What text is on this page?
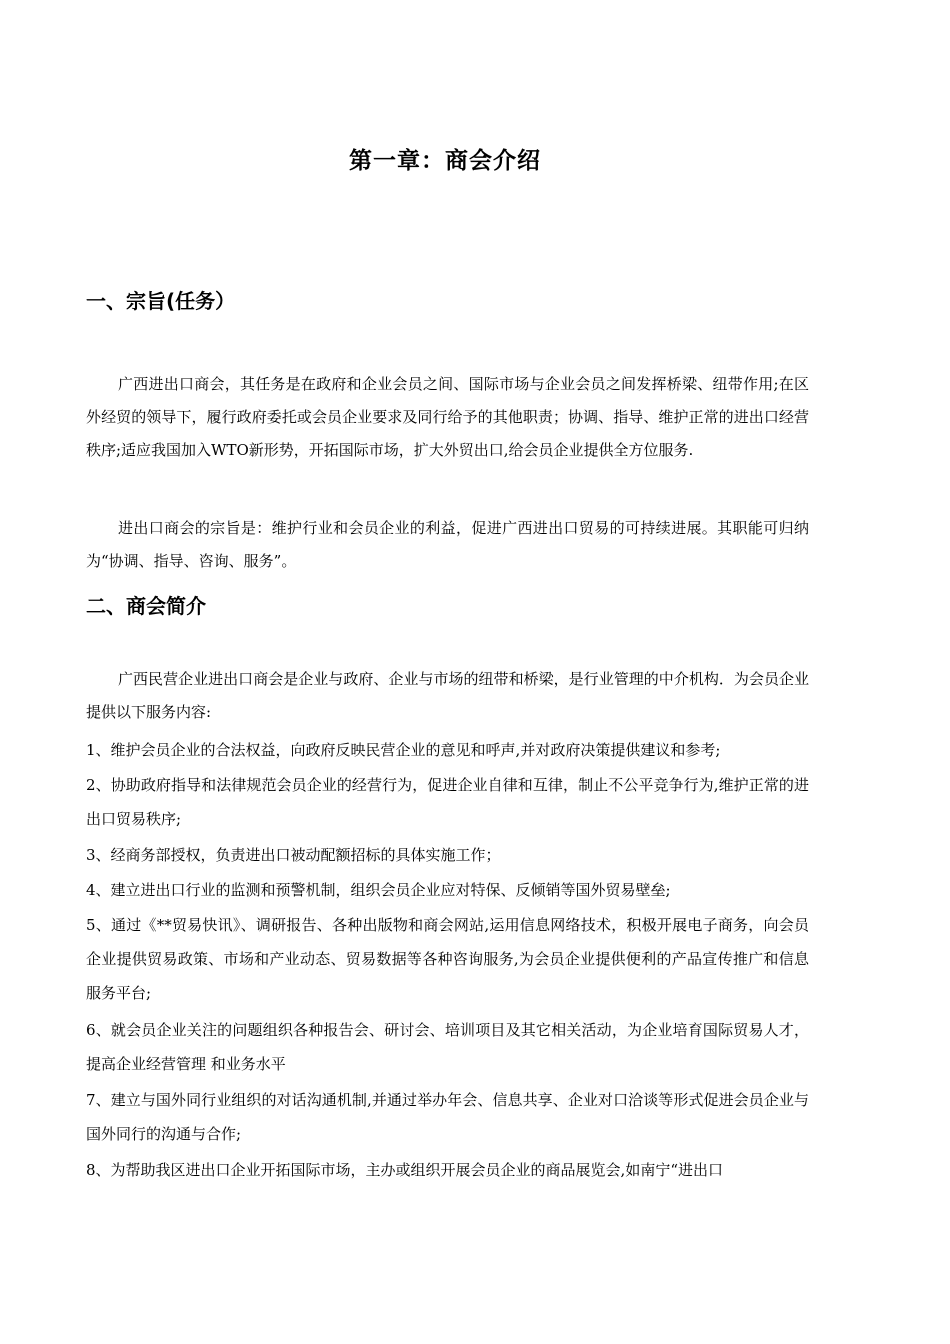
第一章：商会介绍
一、宗旨(任务）

广西进出口商会，其任务是在政府和企业会员之间、国际市场与企业会员之间发挥桥梁、纽带作用;在区外经贸的领导下，履行政府委托或会员企业要求及同行给予的其他职责；协调、指导、维护正常的进出口经营秩序;适应我国加入WTO新形势，开拓国际市场，扩大外贸出口,给会员企业提供全方位服务.

进出口商会的宗旨是：维护行业和会员企业的利益，促进广西进出口贸易的可持续进展。其职能可归纳为“协调、指导、咨询、服务”。

二、商会简介

广西民营企业进出口商会是企业与政府、企业与市场的纽带和桥梁，是行业管理的中介机构．为会员企业提供以下服务内容:

1、维护会员企业的合法权益，向政府反映民营企业的意见和呼声,并对政府决策提供建议和参考;

2、协助政府指导和法律规范会员企业的经营行为，促进企业自律和互律，制止不公平竞争行为,维护正常的进出口贸易秩序;

3、经商务部授权，负责进出口被动配额招标的具体实施工作；

4、建立进出口行业的监测和预警机制，组织会员企业应对特保、反倾销等国外贸易壁垒;

5、通过《**贸易快讯》、调研报告、各种出版物和商会网站,运用信息网络技术，积极开展电子商务，向会员企业提供贸易政策、市场和产业动态、贸易数据等各种咨询服务,为会员企业提供便利的产品宣传推广和信息服务平台;

6、就会员企业关注的问题组织各种报告会、研讨会、培训项目及其它相关活动，为企业培育国际贸易人才，提高企业经营管理 和业务水平

7、建立与国外同行业组织的对话沟通机制,并通过举办年会、信息共享、企业对口洽谈等形式促进会员企业与国外同行的沟通与合作;

8、为帮助我区进出口企业开拓国际市场，主办或组织开展会员企业的商品展览会,如南宁“进出口
